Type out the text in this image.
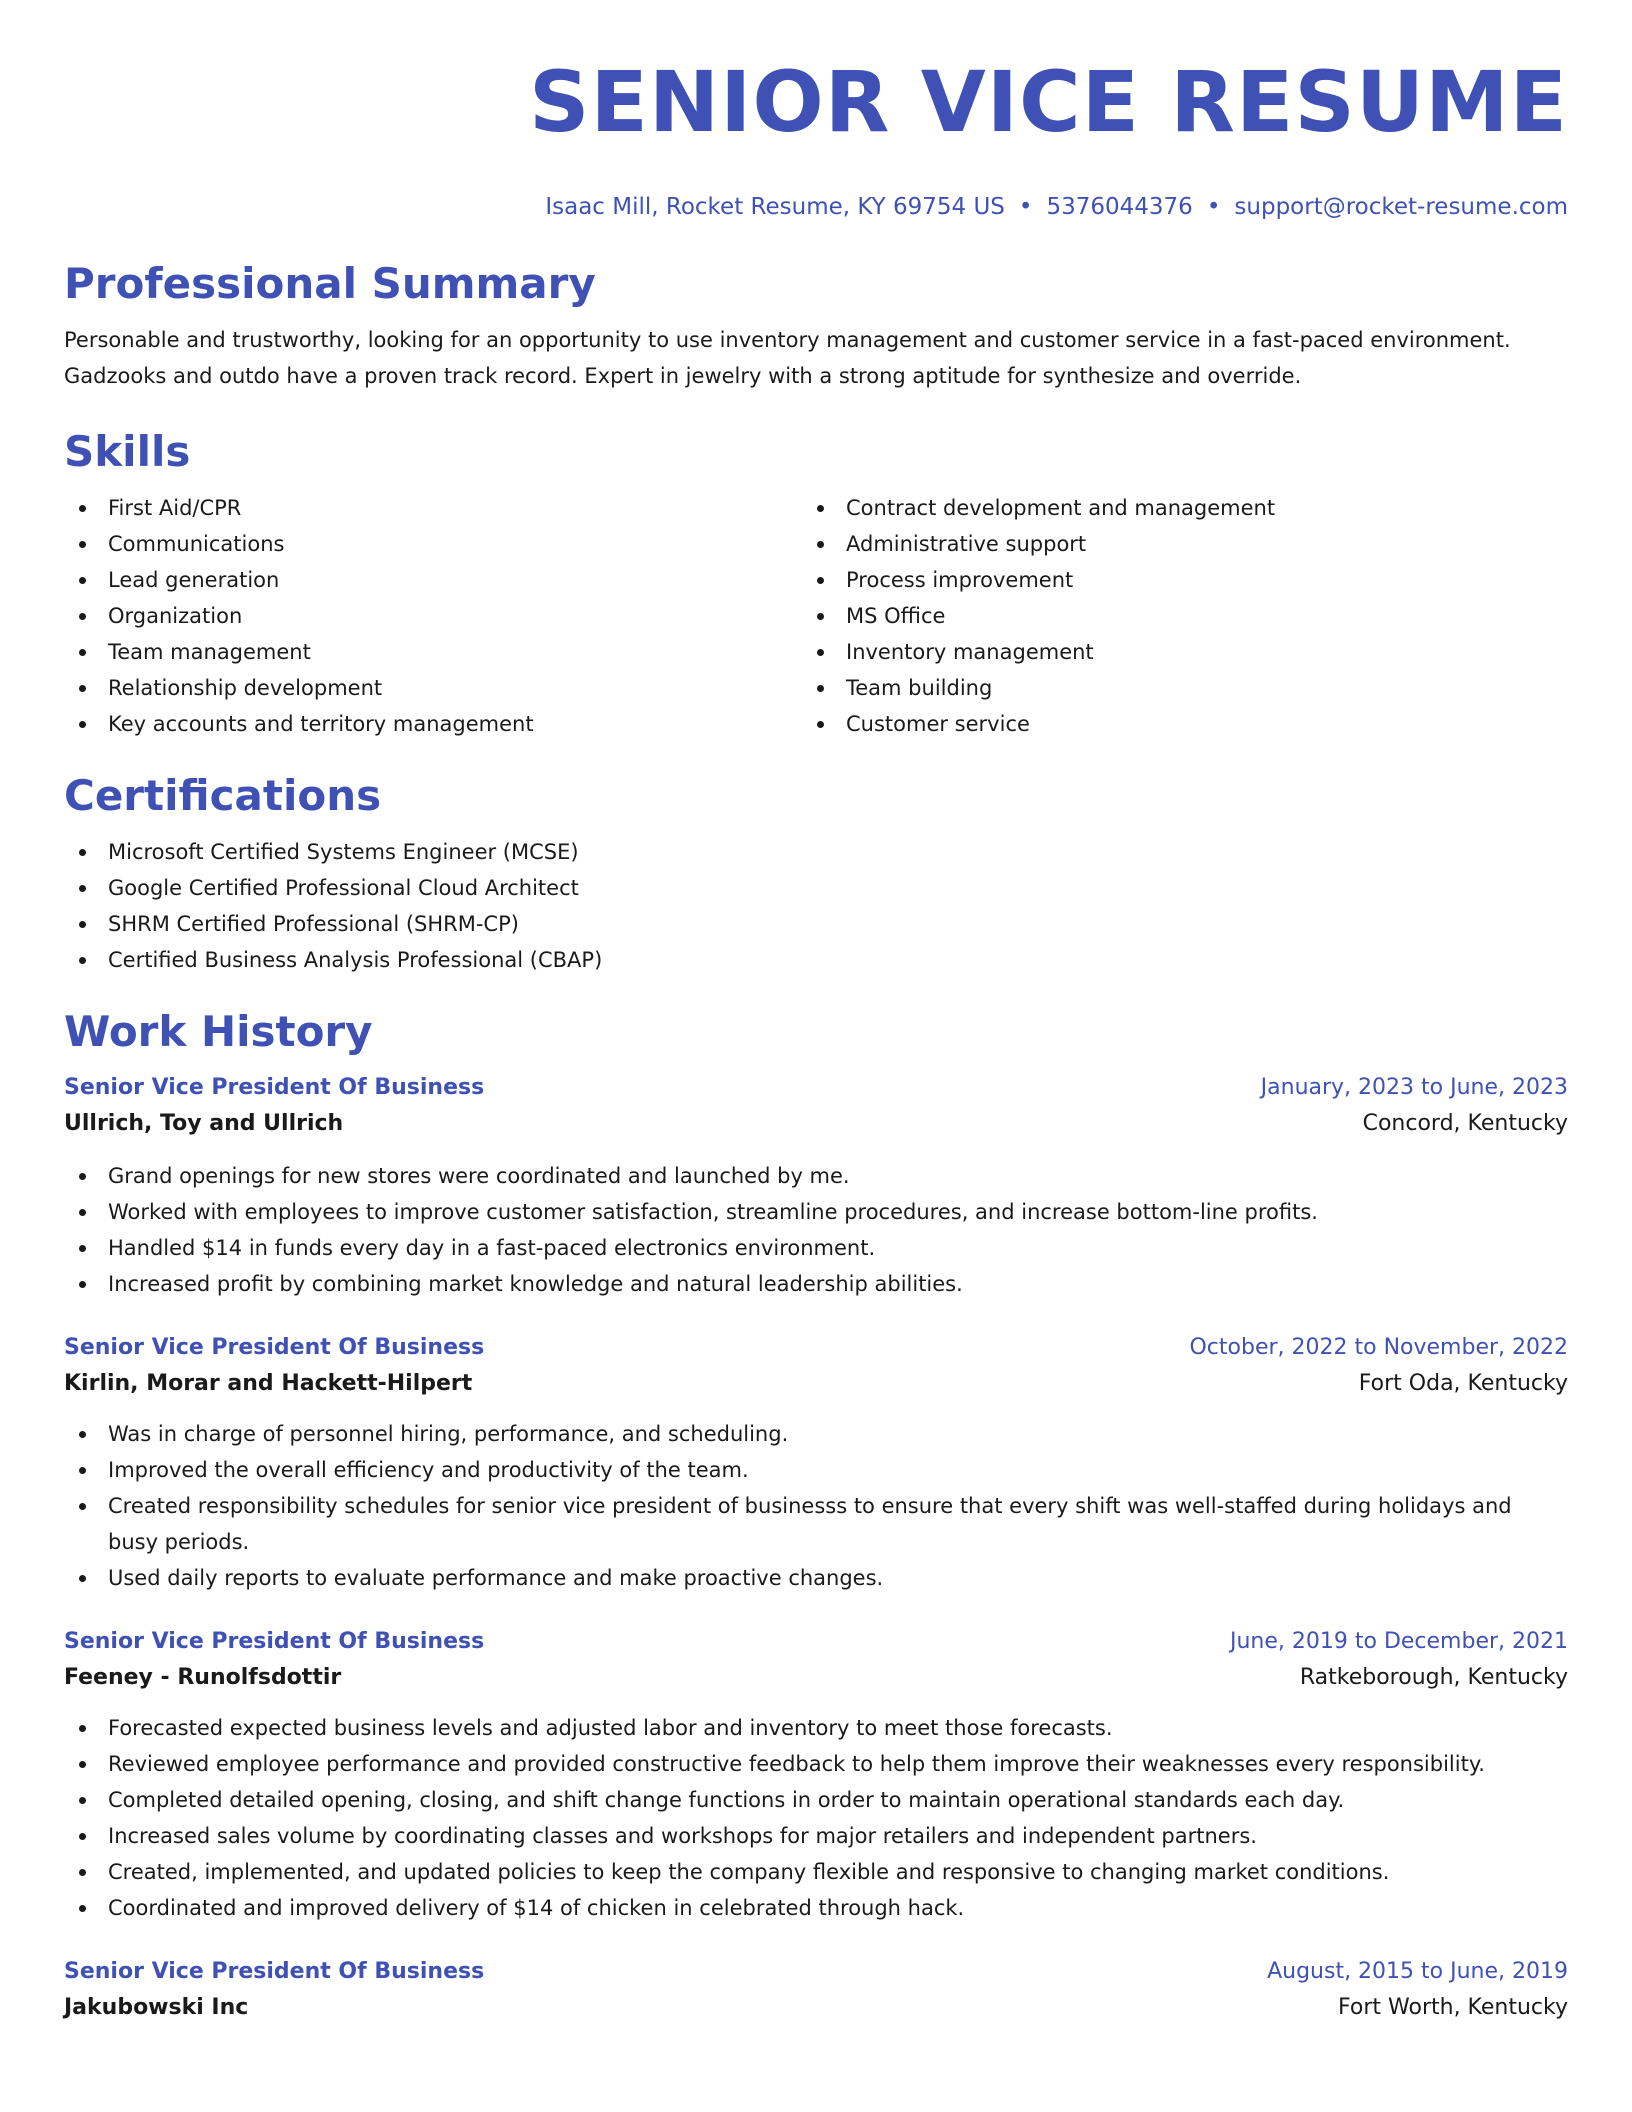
SENIOR VICE RESUME
Isaac Mill, Rocket Resume, KY 69754 US • 5376044376 • support@rocket-resume.com
Professional Summary
Personable and trustworthy, looking for an opportunity to use inventory management and customer service in a fast-paced environment.
Gadzooks and outdo have a proven track record. Expert in jewelry with a strong aptitude for synthesize and override.
Skills
First Aid/CPR
Communications
Lead generation
Organization
Team management
Relationship development
Key accounts and territory management
Contract development and management
Administrative support
Process improvement
MS Office
Inventory management
Team building
Customer service
Certifications
Microsoft Certified Systems Engineer (MCSE)
Google Certified Professional Cloud Architect
SHRM Certified Professional (SHRM-CP)
Certified Business Analysis Professional (CBAP)
Work History
Senior Vice President Of Business	January, 2023 to June, 2023
Ullrich, Toy and Ullrich	Concord, Kentucky
Grand openings for new stores were coordinated and launched by me.
Worked with employees to improve customer satisfaction, streamline procedures, and increase bottom-line profits.
Handled $14 in funds every day in a fast-paced electronics environment.
Increased profit by combining market knowledge and natural leadership abilities.
Senior Vice President Of Business	October, 2022 to November, 2022
Kirlin, Morar and Hackett-Hilpert	Fort Oda, Kentucky
Was in charge of personnel hiring, performance, and scheduling.
Improved the overall efficiency and productivity of the team.
Created responsibility schedules for senior vice president of businesss to ensure that every shift was well-staffed during holidays and busy periods.
Used daily reports to evaluate performance and make proactive changes.
Senior Vice President Of Business	June, 2019 to December, 2021
Feeney - Runolfsdottir	Ratkeborough, Kentucky
Forecasted expected business levels and adjusted labor and inventory to meet those forecasts.
Reviewed employee performance and provided constructive feedback to help them improve their weaknesses every responsibility.
Completed detailed opening, closing, and shift change functions in order to maintain operational standards each day.
Increased sales volume by coordinating classes and workshops for major retailers and independent partners.
Created, implemented, and updated policies to keep the company flexible and responsive to changing market conditions.
Coordinated and improved delivery of $14 of chicken in celebrated through hack.
Senior Vice President Of Business	August, 2015 to June, 2019
Jakubowski Inc	Fort Worth, Kentucky
